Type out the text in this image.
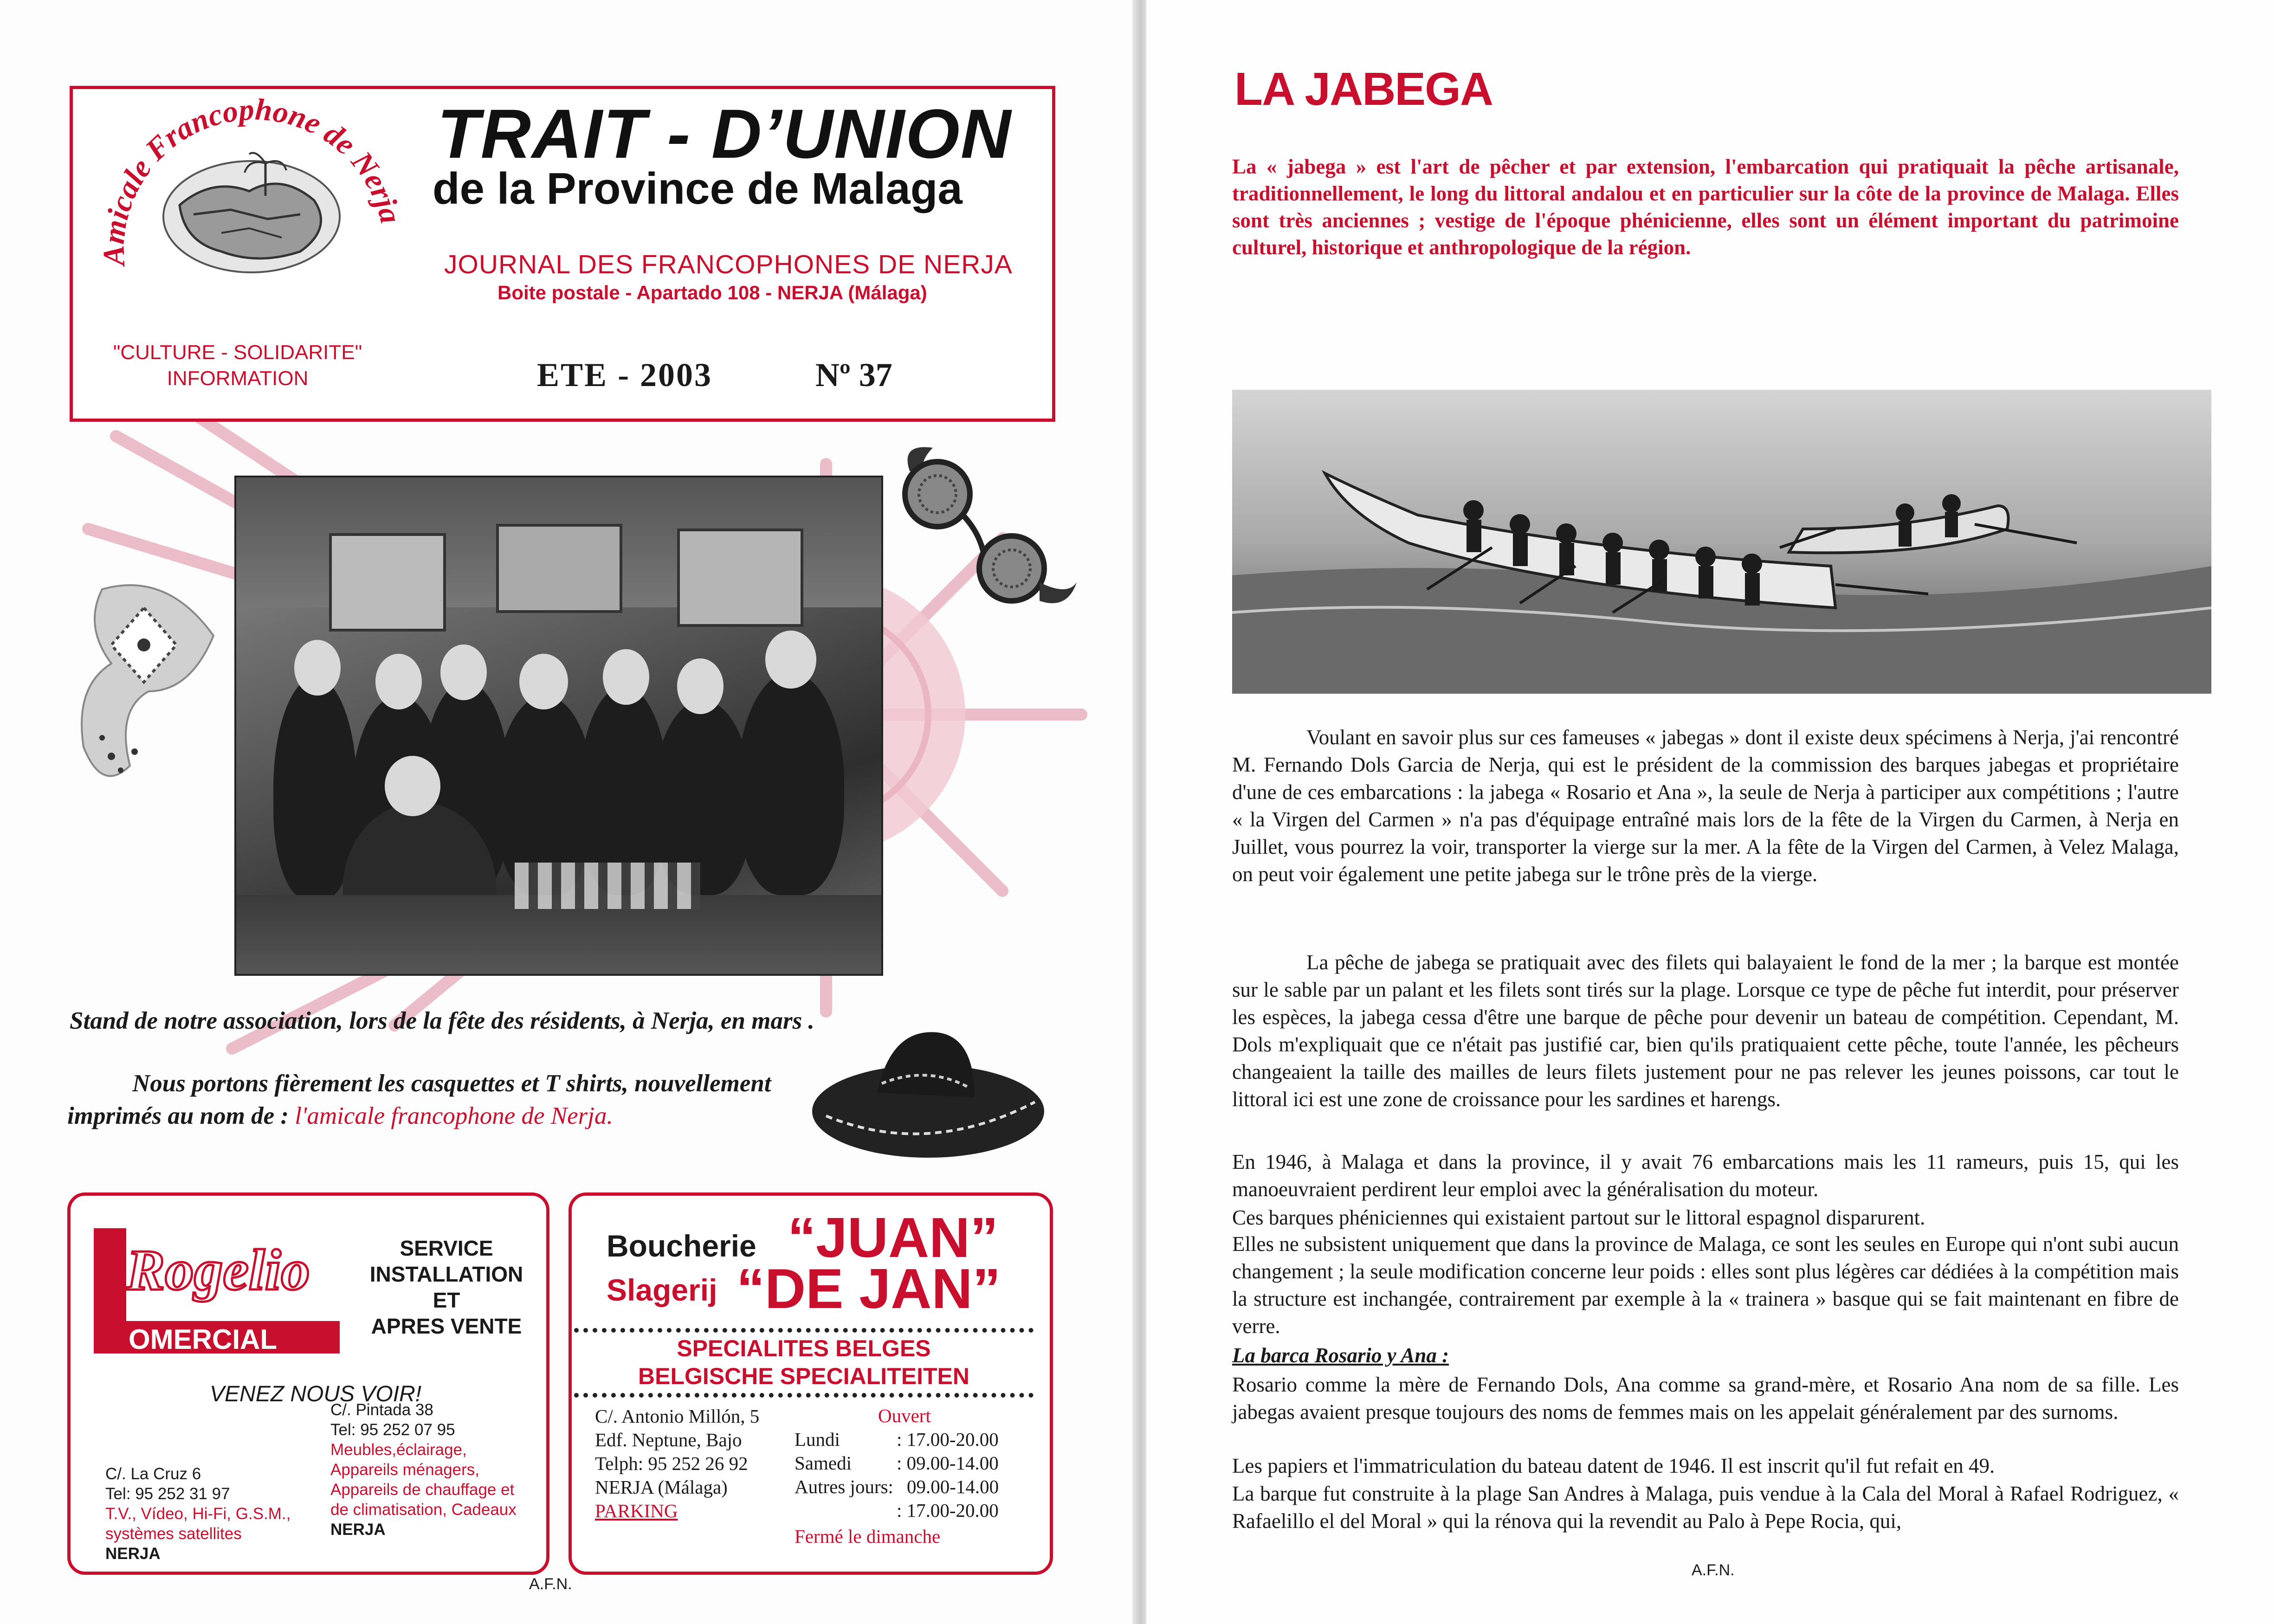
Amicale Francophone de Nerja
"CULTURE - SOLIDARITE"
INFORMATION
TRAIT - D’UNION
de la Province de Malaga
JOURNAL DES FRANCOPHONES DE NERJA
Boite postale - Apartado 108 - NERJA (Málaga)
ETE - 2003	Nº 37
Stand de notre association, lors de la fête des résidents, à Nerja, en mars .
Nous portons fièrement les casquettes et T shirts, nouvellement
imprimés au nom de : l'amicale francophone de Nerja.
Rogelio
OMERCIAL
SERVICE
INSTALLATION
ET
APRES VENTE
VENEZ NOUS VOIR!
C/. La Cruz 6
Tel: 95 252 31 97
T.V., Vídeo, Hi-Fi, G.S.M.,
systèmes satellites
NERJA
C/. Pintada 38
Tel: 95 252 07 95
Meubles,éclairage,
Appareils ménagers,
Appareils de chauffage et
de climatisation, Cadeaux
NERJA
Boucherie “JUAN”
Slagerij “DE JAN”
SPECIALITES BELGES
BELGISCHE SPECIALITEITEN
C/. Antonio Millón, 5
Edf. Neptune, Bajo
Telph: 95 252 26 92
NERJA (Málaga)
PARKING
Ouvert
Lundi
Samedi
Autres jours:
: 17.00-20.00
: 09.00-14.00
09.00-14.00
: 17.00-20.00
Fermé le dimanche
A.F.N.
LA JABEGA
La « jabega » est l'art de pêcher et par extension, l'embarcation qui pratiquait la pêche artisanale, traditionnellement, le long du littoral andalou et en particulier sur la côte de la province de Malaga. Elles sont très anciennes ; vestige de l'époque phénicienne, elles sont un élément important du patrimoine culturel, historique et anthropologique de la région.
Voulant en savoir plus sur ces fameuses « jabegas » dont il existe deux spécimens à Nerja, j'ai rencontré M. Fernando Dols Garcia de Nerja, qui est le président de la commission des barques jabegas et propriétaire d'une de ces embarcations : la jabega « Rosario et Ana », la seule de Nerja à participer aux compétitions ; l'autre « la Virgen del Carmen » n'a pas d'équipage entraîné mais lors de la fête de la Virgen du Carmen, à Nerja en Juillet, vous pourrez la voir, transporter la vierge sur la mer. A la fête de la Virgen del Carmen, à Velez Malaga, on peut voir également une petite jabega sur le trône près de la vierge.
La pêche de jabega se pratiquait avec des filets qui balayaient le fond de la mer ; la barque est montée sur le sable par un palant et les filets sont tirés sur la plage. Lorsque ce type de pêche fut interdit, pour préserver les espèces, la jabega cessa d'être une barque de pêche pour devenir un bateau de compétition. Cependant, M. Dols m'expliquait que ce n'était pas justifié car, bien qu'ils pratiquaient cette pêche, toute l'année, les pêcheurs changeaient la taille des mailles de leurs filets justement pour ne pas relever les jeunes poissons, car tout le littoral ici est une zone de croissance pour les sardines et harengs.
En 1946, à Malaga et dans la province, il y avait 76 embarcations mais les 11 rameurs, puis 15, qui les manoeuvraient perdirent leur emploi avec la généralisation du moteur.
Ces barques phéniciennes qui existaient partout sur le littoral espagnol disparurent.
Elles ne subsistent uniquement que dans la province de Malaga, ce sont les seules en Europe qui n'ont subi aucun changement ; la seule modification concerne leur poids : elles sont plus légères car dédiées à la compétition mais la structure est inchangée, contrairement par exemple à la « trainera » basque qui se fait maintenant en fibre de verre.
La barca Rosario y Ana :
Rosario comme la mère de Fernando Dols, Ana comme sa grand-mère, et Rosario Ana nom de sa fille. Les jabegas avaient presque toujours des noms de femmes mais on les appelait généralement par des surnoms.
Les papiers et l'immatriculation du bateau datent de 1946. Il est inscrit qu'il fut refait en 49.
La barque fut construite à la plage San Andres à Malaga, puis vendue à la Cala del Moral à Rafael Rodriguez, « Rafaelillo el del Moral » qui la rénova qui la revendit au Palo à Pepe Rocia, qui,
A.F.N.
